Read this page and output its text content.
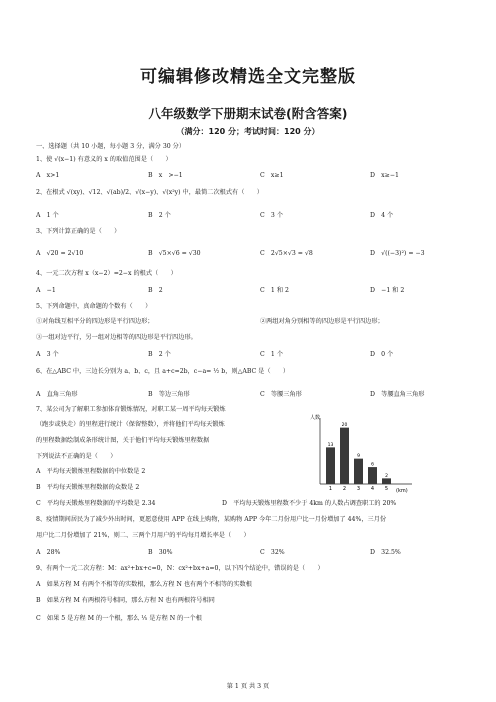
可编辑修改精选全文完整版
八年级数学下册期末试卷(附含答案)
（满分：120 分；考试时间：120 分）
一、选择题（共 10 小题，每小题 3 分，满分 30 分）
1、使 √(x−1) 有意义的 x 的取值范围是（　　）
A　x>1	B　x　>−1	C　x≥1	D　x≥−1
2、在根式 √(xy)、√12、√(ab)/2、√(x−y)、√(x²y) 中，最简二次根式有（　　）
A　1 个	B　2 个	C　3 个	D　4 个
3、下列计算正确的是（　　）
A　√20 = 2√10	B　√5×√6 = √30	C　2√5×√3 = √8	D　√((−3)²) = −3
4、一元二次方程 x（x−2）=2−x 的根式（　　）
A　−1	B　2	C　1 和 2	D　−1 和 2
5、下列命题中，真命题的个数有（　　）
①对角线互相平分的四边形是平行四边形；	②两组对角分别相等的四边形是平行四边形；
③一组对边平行，另一组对边相等的四边形是平行四边形。
A　3 个	B　2 个	C　1 个	D　0 个
6、在△ABC 中，三边长分别为 a、b、c，且 a+c=2b，c−a= ½ b，则△ABC 是（　　）
A　直角三角形	B　等边三角形	C　等腰三角形	D　等腰直角三角形
7、某公司为了解职工参加体育锻炼情况，对职工某一周平均每天锻炼
（跑步或快走）的里程进行统计（保留整数），并将他们平均每天锻炼
的里程数据绘制成条形统计图，关于他们平均每天锻炼里程数据
下列说法不正确的是（　　）
A　平均每天锻炼里程数据的中位数是 2
B　平均每天锻炼里程数据的众数是 2
C　平均每天锻炼里程数据的平均数是 2.34	D　平均每天锻炼里程数不少于 4km 的人数占调查职工的 20%
13
1
20
2
9
3
6
4
2
5
人数
(km)
8、疫情期间居民为了减少外出时间，更愿意使用 APP 在线上购物，某购物 APP 今年二月份用户比一月份增加了 44%，三月份
用户比二月份增加了 21%，则二、三两个月用户的平均每月增长率是（　　）
A　28%	B　30%	C　32%	D　32.5%
9、有两个一元二次方程：M：ax²+bx+c=0，N：cx²+bx+a=0，以下四个结论中，错误的是（　　）
A　如果方程 M 有两个不相等的实数根，那么方程 N 也有两个不相等的实数根
B　如果方程 M 有两根符号相同，那么方程 N 也有两根符号相同
C　如果 5 是方程 M 的一个根，那么 ⅕ 是方程 N 的一个根
第 1 页 共 3 页
